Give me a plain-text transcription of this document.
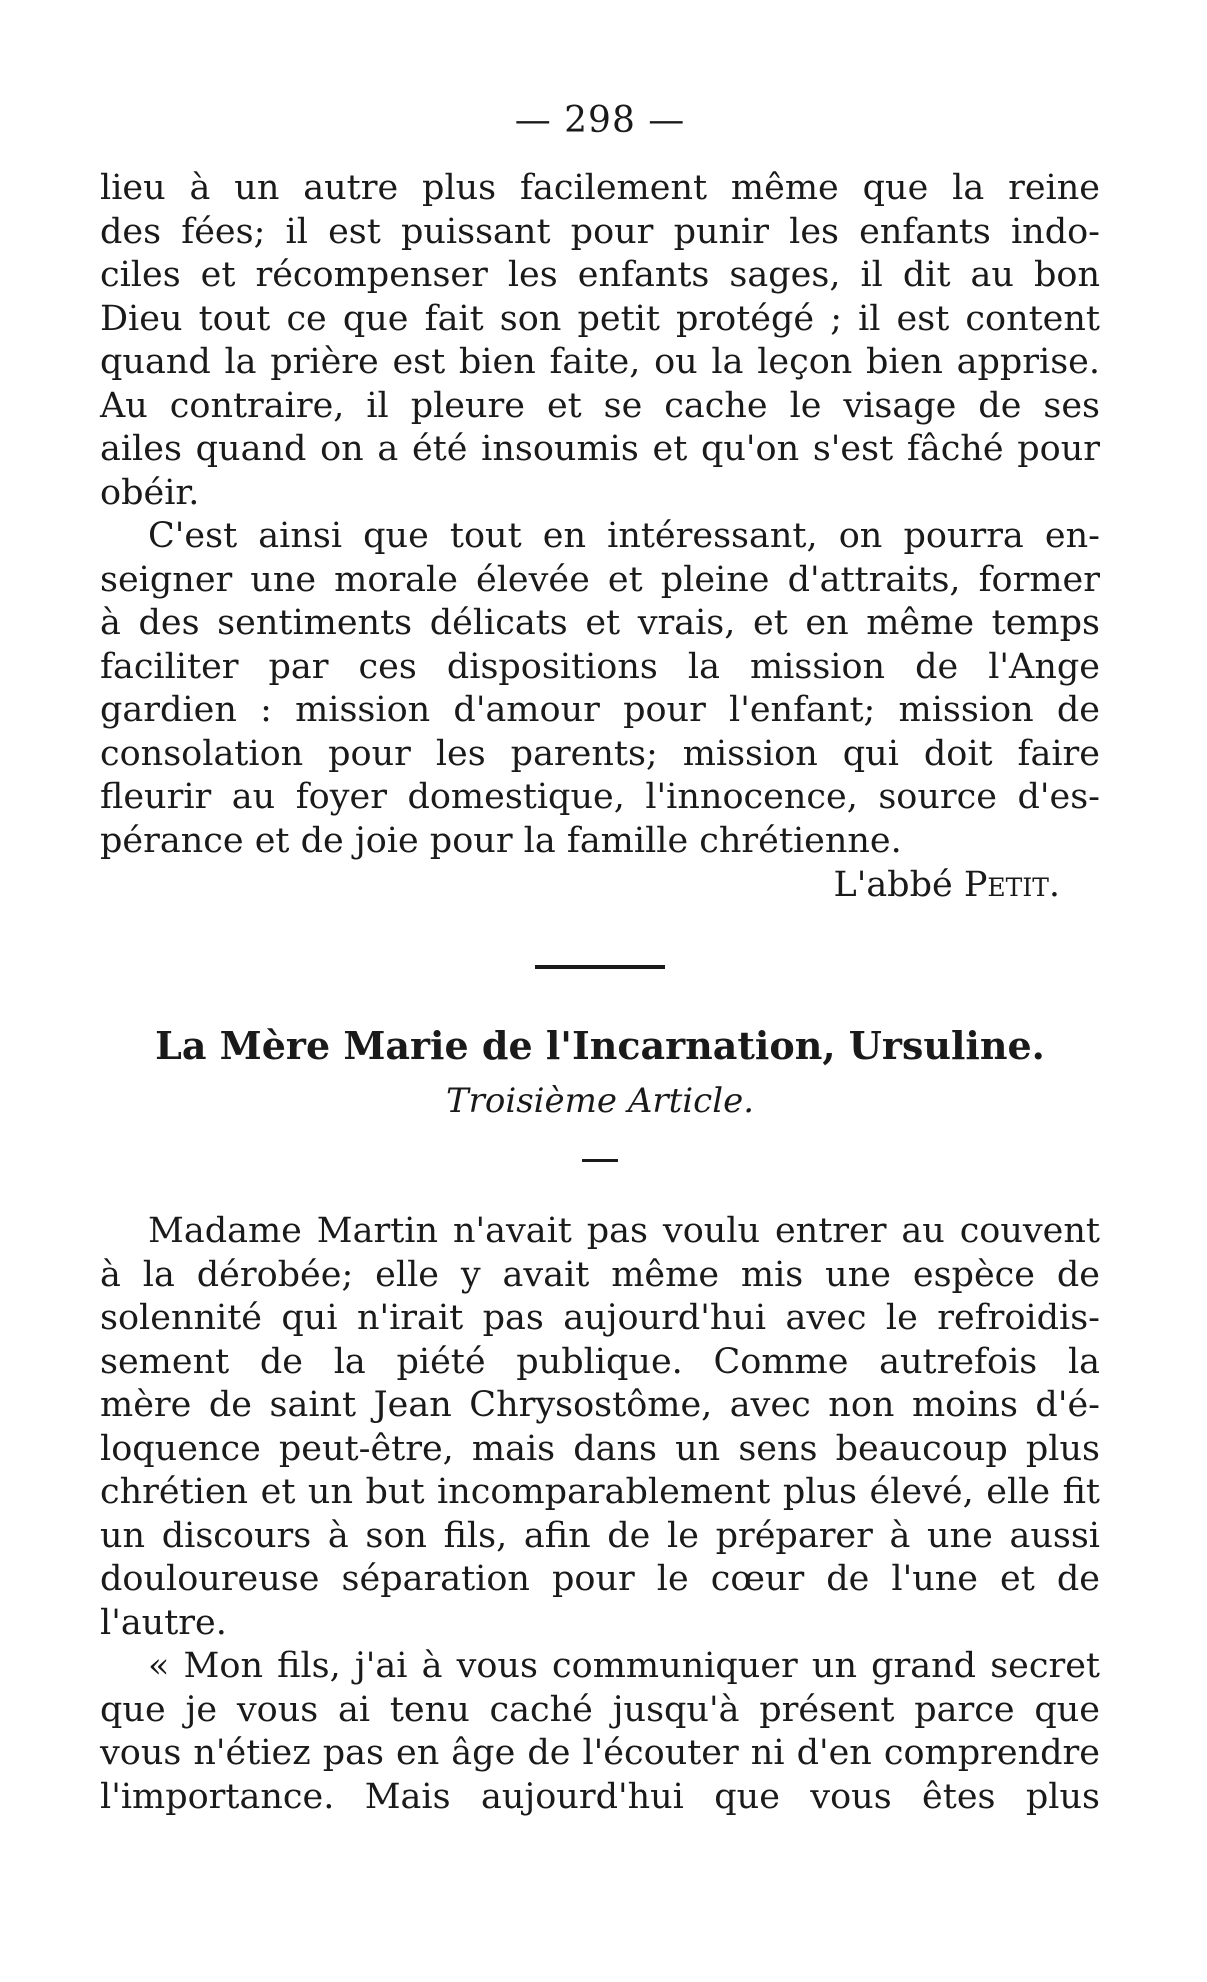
— 298 —

lieu à un autre plus facilement même que la reine
des fées; il est puissant pour punir les enfants indo-
ciles et récompenser les enfants sages, il dit au bon
Dieu tout ce que fait son petit protégé ; il est content
quand la prière est bien faite, ou la leçon bien apprise.
Au contraire, il pleure et se cache le visage de ses
ailes quand on a été insoumis et qu'on s'est fâché pour
obéir.

C'est ainsi que tout en intéressant, on pourra en-
seigner une morale élevée et pleine d'attraits, former
à des sentiments délicats et vrais, et en même temps
faciliter par ces dispositions la mission de l'Ange
gardien : mission d'amour pour l'enfant; mission de
consolation pour les parents; mission qui doit faire
fleurir au foyer domestique, l'innocence, source d'es-
pérance et de joie pour la famille chrétienne.

L'abbé Petit.

La Mère Marie de l'Incarnation, Ursuline.
Troisième Article.

Madame Martin n'avait pas voulu entrer au couvent
à la dérobée; elle y avait même mis une espèce de
solennité qui n'irait pas aujourd'hui avec le refroidis-
sement de la piété publique. Comme autrefois la
mère de saint Jean Chrysostôme, avec non moins d'é-
loquence peut-être, mais dans un sens beaucoup plus
chrétien et un but incomparablement plus élevé, elle fit
un discours à son fils, afin de le préparer à une aussi
douloureuse séparation pour le cœur de l'une et de
l'autre.

« Mon fils, j'ai à vous communiquer un grand secret
que je vous ai tenu caché jusqu'à présent parce que
vous n'étiez pas en âge de l'écouter ni d'en comprendre
l'importance. Mais aujourd'hui que vous êtes plus
